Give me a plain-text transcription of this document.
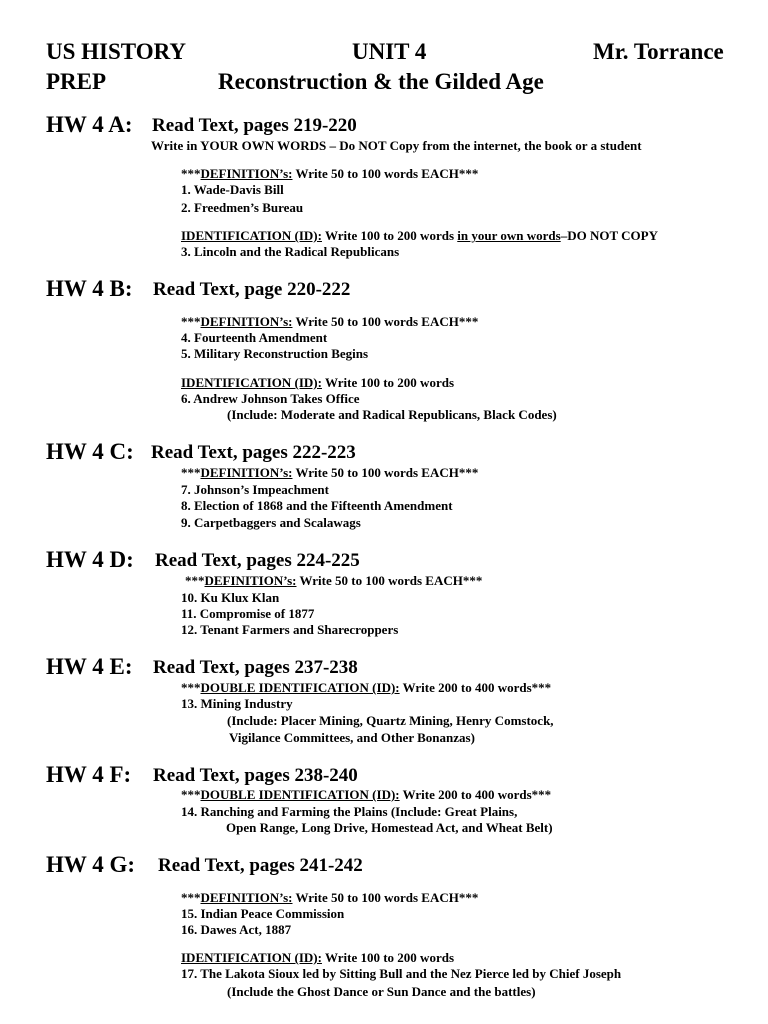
US HISTORY	UNIT 4	Mr. Torrance
PREP	Reconstruction & the Gilded Age
HW 4 A: Read Text, pages 219-220
Write in YOUR OWN WORDS – Do NOT Copy from the internet, the book or a student
***DEFINITION’s: Write 50 to 100 words EACH***
1. Wade-Davis Bill
2. Freedmen’s Bureau
IDENTIFICATION (ID): Write 100 to 200 words in your own words–DO NOT COPY
3. Lincoln and the Radical Republicans
HW 4 B: Read Text, page 220-222
***DEFINITION’s: Write 50 to 100 words EACH***
4. Fourteenth Amendment
5. Military Reconstruction Begins
IDENTIFICATION (ID): Write 100 to 200 words
6. Andrew Johnson Takes Office
(Include: Moderate and Radical Republicans, Black Codes)
HW 4 C: Read Text, pages 222-223
***DEFINITION’s: Write 50 to 100 words EACH***
7. Johnson’s Impeachment
8. Election of 1868 and the Fifteenth Amendment
9. Carpetbaggers and Scalawags
HW 4 D: Read Text, pages 224-225
***DEFINITION’s: Write 50 to 100 words EACH***
10. Ku Klux Klan
11. Compromise of 1877
12. Tenant Farmers and Sharecroppers
HW 4 E: Read Text, pages 237-238
***DOUBLE IDENTIFICATION (ID): Write 200 to 400 words***
13. Mining Industry
(Include: Placer Mining, Quartz Mining, Henry Comstock,
Vigilance Committees, and Other Bonanzas)
HW 4 F: Read Text, pages 238-240
***DOUBLE IDENTIFICATION (ID): Write 200 to 400 words***
14. Ranching and Farming the Plains (Include: Great Plains,
Open Range, Long Drive, Homestead Act, and Wheat Belt)
HW 4 G: Read Text, pages 241-242
***DEFINITION’s: Write 50 to 100 words EACH***
15. Indian Peace Commission
16. Dawes Act, 1887
IDENTIFICATION (ID): Write 100 to 200 words
17. The Lakota Sioux led by Sitting Bull and the Nez Pierce led by Chief Joseph
(Include the Ghost Dance or Sun Dance and the battles)
